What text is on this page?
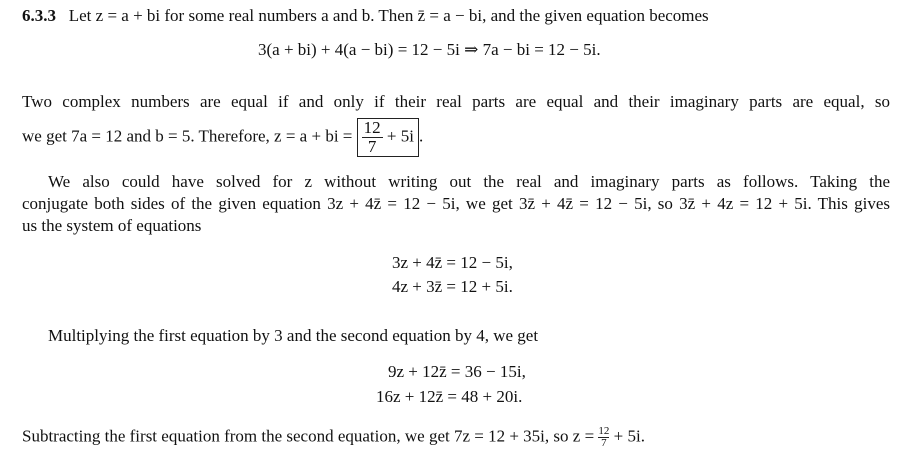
6.3.3 Let z = a + bi for some real numbers a and b. Then z̄ = a − bi, and the given equation becomes
3(a + bi) + 4(a − bi) = 12 − 5i ⇒ 7a − bi = 12 − 5i.
Two complex numbers are equal if and only if their real parts are equal and their imaginary parts are equal, so
we get 7a = 12 and b = 5. Therefore, z = a + bi = $\frac{12}{7} + 5i$ .
We also could have solved for z without writing out the real and imaginary parts as follows. Taking the
conjugate both sides of the given equation 3z + 4z̄ = 12 − 5i, we get 3z̄ + 4z̄̄ = 12 − 5i, so 3z̄ + 4z = 12 + 5i. This gives
us the system of equations
3z + 4z̄ = 12 − 5i,
4z + 3z̄ = 12 + 5i.
Multiplying the first equation by 3 and the second equation by 4, we get
9z + 12z̄ = 36 − 15i,
16z + 12z̄ = 48 + 20i.
Subtracting the first equation from the second equation, we get 7z = 12 + 35i, so $z = \frac{12}{7} + 5i$.
